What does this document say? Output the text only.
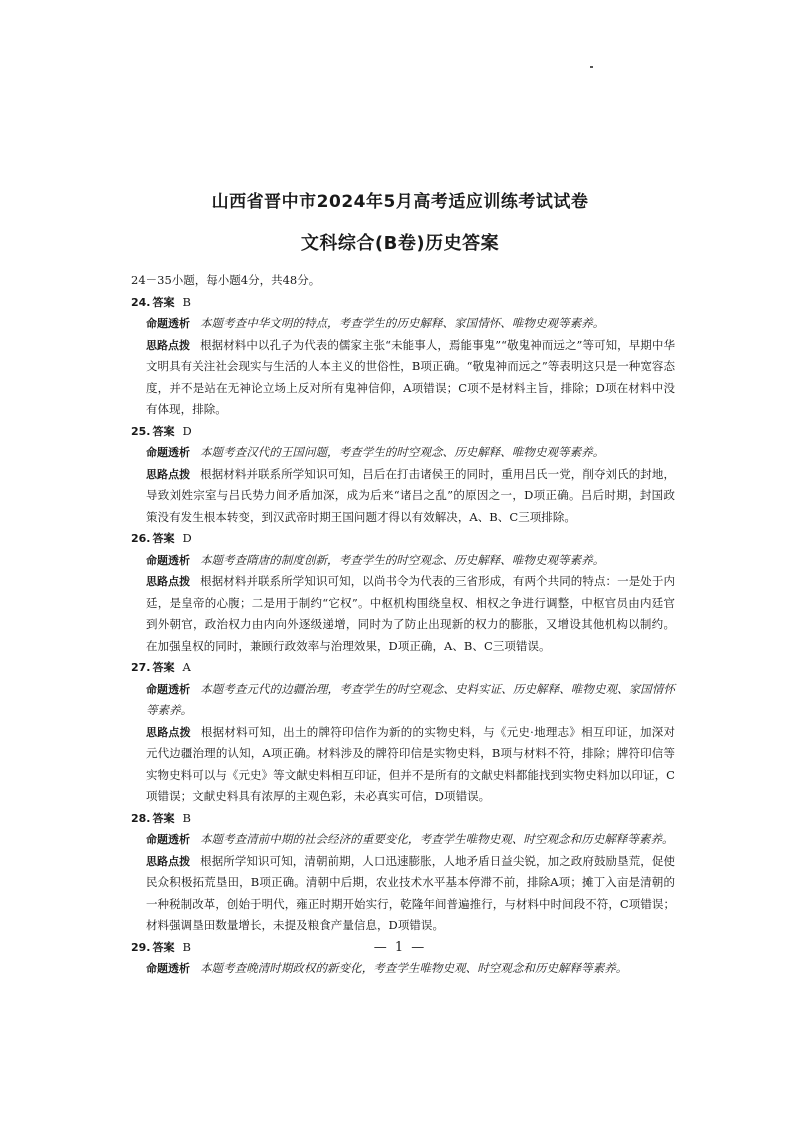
山西省晋中市2024年5月高考适应训练考试试卷
文科综合(B卷)历史答案

24－35小题，每小题4分，共48分。

24. 答案 B

命题透析 本题考查中华文明的特点，考查学生的历史解释、家国情怀、唯物史观等素养。

思路点拨 根据材料中以孔子为代表的儒家主张“未能事人，焉能事鬼”“敬鬼神而远之”等可知，早期中华文明具有关注社会现实与生活的人本主义的世俗性，B项正确。“敬鬼神而远之”等表明这只是一种宽容态度，并不是站在无神论立场上反对所有鬼神信仰，A项错误；C项不是材料主旨，排除；D项在材料中没有体现，排除。

25. 答案 D

命题透析 本题考查汉代的王国问题，考查学生的时空观念、历史解释、唯物史观等素养。

思路点拨 根据材料并联系所学知识可知，吕后在打击诸侯王的同时，重用吕氏一党，削夺刘氏的封地，导致刘姓宗室与吕氏势力间矛盾加深，成为后来“诸吕之乱”的原因之一，D项正确。吕后时期，封国政策没有发生根本转变，到汉武帝时期王国问题才得以有效解决，A、B、C三项排除。

26. 答案 D

命题透析 本题考查隋唐的制度创新，考查学生的时空观念、历史解释、唯物史观等素养。

思路点拨 根据材料并联系所学知识可知，以尚书令为代表的三省形成，有两个共同的特点：一是处于内廷，是皇帝的心腹；二是用于制约“它权”。中枢机构围绕皇权、相权之争进行调整，中枢官员由内廷官到外朝官，政治权力由内向外逐级递增，同时为了防止出现新的权力的膨胀，又增设其他机构以制约。在加强皇权的同时，兼顾行政效率与治理效果，D项正确，A、B、C三项错误。

27. 答案 A

命题透析 本题考查元代的边疆治理，考查学生的时空观念、史料实证、历史解释、唯物史观、家国情怀等素养。

思路点拨 根据材料可知，出土的牌符印信作为新的的实物史料，与《元史·地理志》相互印证，加深对元代边疆治理的认知，A项正确。材料涉及的牌符印信是实物史料，B项与材料不符，排除；牌符印信等实物史料可以与《元史》等文献史料相互印证，但并不是所有的文献史料都能找到实物史料加以印证，C项错误；文献史料具有浓厚的主观色彩，未必真实可信，D项错误。

28. 答案 B

命题透析 本题考查清前中期的社会经济的重要变化，考查学生唯物史观、时空观念和历史解释等素养。

思路点拨 根据所学知识可知，清朝前期，人口迅速膨胀，人地矛盾日益尖锐，加之政府鼓励垦荒，促使民众积极拓荒垦田，B项正确。清朝中后期，农业技术水平基本停滞不前，排除A项；摊丁入亩是清朝的一种税制改革，创始于明代，雍正时期开始实行，乾隆年间普遍推行，与材料中时间段不符，C项错误；材料强调垦田数量增长，未提及粮食产量信息，D项错误。

29. 答案 B

命题透析 本题考查晚清时期政权的新变化，考查学生唯物史观、时空观念和历史解释等素养。

— 1 —
